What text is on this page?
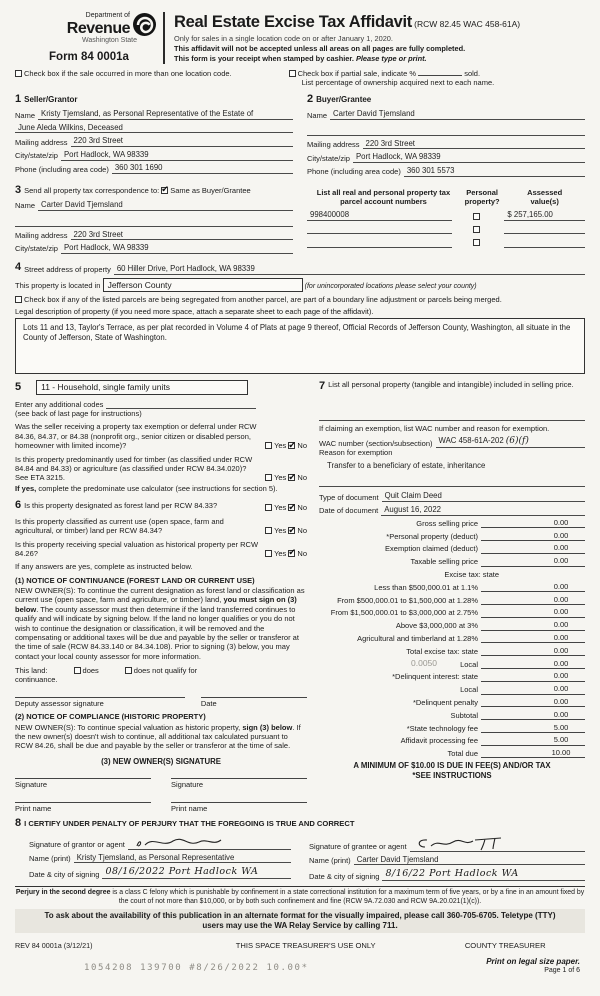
Department of
Revenue
Washington State
Form 84 0001a
Real Estate Excise Tax Affidavit (RCW 82.45 WAC 458-61A)
Only for sales in a single location code on or after January 1, 2020.
This affidavit will not be accepted unless all areas on all pages are fully completed.
This form is your receipt when stamped by cashier. Please type or print.
Check box if the sale occurred in more than one location code.	Check box if partial sale, indicate %	sold.
List percentage of ownership acquired next to each name.
1 Seller/Grantor
Name Kristy Tjemsland, as Personal Representative of the Estate of
June Aleda Wilkins, Deceased
Mailing address 220 3rd Street
City/state/zip Port Hadlock, WA 98339
Phone (including area code) 360 301 1690
2 Buyer/Grantee
Name Carter David Tjemsland
Mailing address 220 3rd Street
City/state/zip Port Hadlock, WA 98339
Phone (including area code) 360 301 5573
3 Send all property tax correspondence to: ✔ Same as Buyer/Grantee
Name Carter David Tjemsland
Mailing address 220 3rd Street
City/state/zip Port Hadlock, WA 98339
List all real and personal property tax
parcel account numbers
Personal
property?
Assessed
value(s)
998400008	$ 257,165.00
4 Street address of property 60 Hiller Drive, Port Hadlock, WA 98339
This property is located in Jefferson County	(for unincorporated locations please select your county)
Check box if any of the listed parcels are being segregated from another parcel, are part of a boundary line adjustment or parcels being merged.
Legal description of property (if you need more space, attach a separate sheet to each page of the affidavit).
Lots 11 and 13, Taylor's Terrace, as per plat recorded in Volume 4 of Plats at page 9 thereof, Official Records of Jefferson County, Washington, all situate in the County of Jefferson, State of Washington.
5 11 - Household, single family units
Enter any additional codes
(see back of last page for instructions)
Was the seller receiving a property tax exemption or deferral under RCW 84.36, 84.37, or 84.38 (nonprofit org., senior citizen or disabled person, homeowner with limited income)?	Yes ✔ No
Is this property predominantly used for timber (as classified under RCW 84.84 and 84.33) or agriculture (as classified under RCW 84.34.020)? See ETA 3215.	Yes ✔ No
If yes, complete the predominate use calculator (see instructions for section 5).
6 Is this property designated as forest land per RCW 84.33?	Yes ✔ No
Is this property classified as current use (open space, farm and agricultural, or timber) land per RCW 84.34?	Yes ✔ No
Is this property receiving special valuation as historical property per RCW 84.26?	Yes ✔ No
If any answers are yes, complete as instructed below.
(1) NOTICE OF CONTINUANCE (FOREST LAND OR CURRENT USE)
NEW OWNER(S): To continue the current designation as forest land or classification as current use (open space, farm and agriculture, or timber) land, you must sign on (3) below. The county assessor must then determine if the land transferred continues to qualify and will indicate by signing below. If the land no longer qualifies or you do not wish to continue the designation or classification, it will be removed and the compensating or additional taxes will be due and payable by the seller or transferor at the time of sale (RCW 84.33.140 or 84.34.108). Prior to signing (3) below, you may contact your local county assessor for more information.
This land:	does	does not qualify for
continuance.
Deputy assessor signature	Date
(2) NOTICE OF COMPLIANCE (HISTORIC PROPERTY)
NEW OWNER(S): To continue special valuation as historic property, sign (3) below. If the new owner(s) doesn't wish to continue, all additional tax calculated pursuant to RCW 84.26, shall be due and payable by the seller or transferor at the time of sale.
(3) NEW OWNER(S) SIGNATURE
Signature	Signature
Print name	Print name
7 List all personal property (tangible and intangible) included in selling price.
If claiming an exemption, list WAC number and reason for exemption.
WAC number (section/subsection) WAC 458-61A-202 (6)(f)
Reason for exemption
Transfer to a beneficiary of estate, inheritance
Type of document Quit Claim Deed
Date of document August 16, 2022
Gross selling price	0.00
*Personal property (deduct)	0.00
Exemption claimed (deduct)	0.00
Taxable selling price	0.00
Excise tax: state
Less than $500,000.01 at 1.1%	0.00
From $500,000.01 to $1,500,000 at 1.28%	0.00
From $1,500,000.01 to $3,000,000 at 2.75%	0.00
Above $3,000,000 at 3%	0.00
Agricultural and timberland at 1.28%	0.00
Total excise tax: state	0.00
0.0050	Local	0.00
*Delinquent interest: state	0.00
Local	0.00
*Delinquent penalty	0.00
Subtotal	0.00
*State technology fee	5.00
Affidavit processing fee	5.00
Total due	10.00
A MINIMUM OF $10.00 IS DUE IN FEE(S) AND/OR TAX
*SEE INSTRUCTIONS
8 I CERTIFY UNDER PENALTY OF PERJURY THAT THE FOREGOING IS TRUE AND CORRECT
Signature of grantor or agent
Name (print) Kristy Tjemsland, as Personal Representative
Date & city of signing 08/16/2022 Port Hadlock WA
Signature of grantee or agent
Name (print) Carter David Tjemsland
Date & city of signing 8/16/22 Port Hadlock WA
Perjury in the second degree is a class C felony which is punishable by confinement in a state correctional institution for a maximum term of five years, or by a fine in an amount fixed by the court of not more than $10,000, or by both such confinement and fine (RCW 9A.72.030 and RCW 9A.20.021(1)(c)).
To ask about the availability of this publication in an alternate format for the visually impaired, please call 360-705-6705. Teletype (TTY) users may use the WA Relay Service by calling 711.
REV 84 0001a (3/12/21)	THIS SPACE TREASURER'S USE ONLY	COUNTY TREASURER
1054208 139700 #8/26/2022 10.00*
Print on legal size paper.
Page 1 of 6
